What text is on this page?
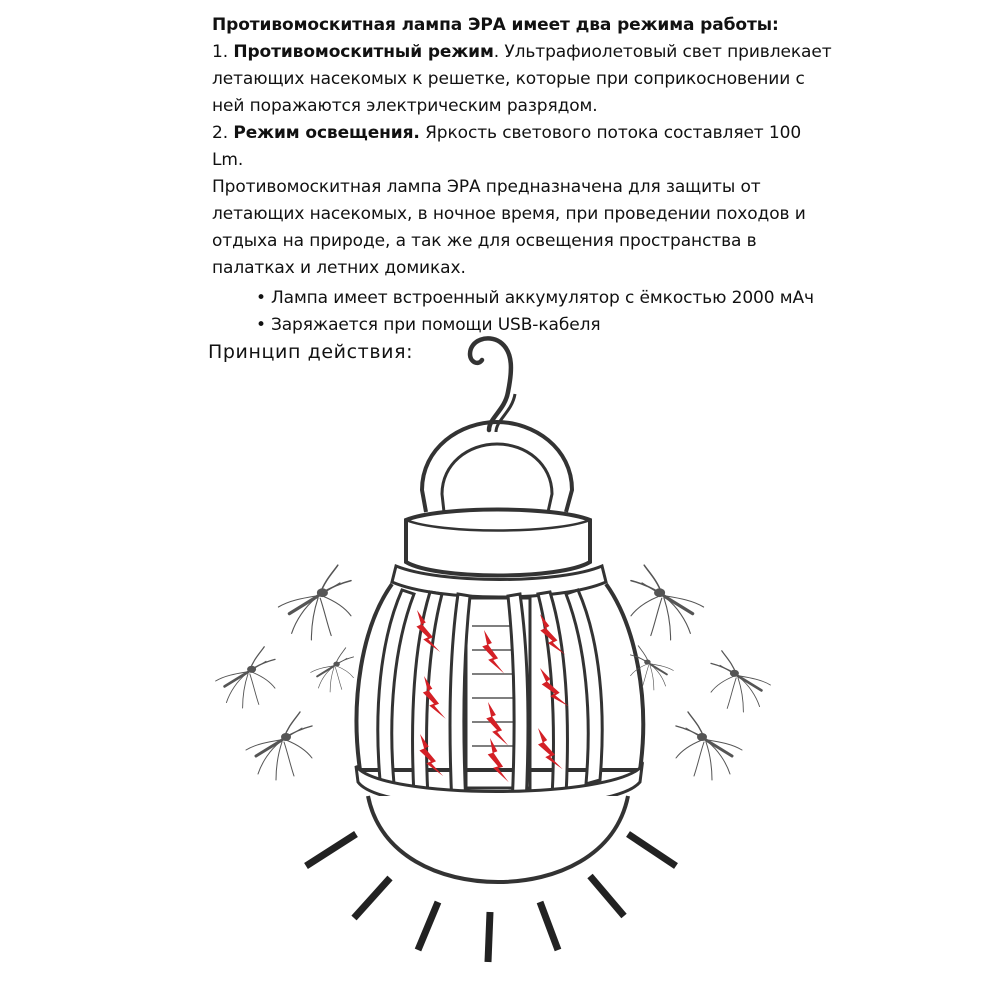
Противомоскитная лампа ЭРА имеет два режима работы:

1. Противомоскитный режим. Ультрафиолетовый свет привлекает летающих насекомых к решетке, которые при соприкосновении с ней поражаются электрическим разрядом.

2. Режим освещения. Яркость светового потока составляет 100 Lm.

Противомоскитная лампа ЭРА предназначена для защиты от летающих насекомых, в ночное время, при проведении походов и отдыха на природе, а так же для освещения пространства в палатках и летних домиках.

• Лампа имеет встроенный аккумулятор с ёмкостью 2000 мАч
• Заряжается при помощи USB-кабеля
Принцип действия:
